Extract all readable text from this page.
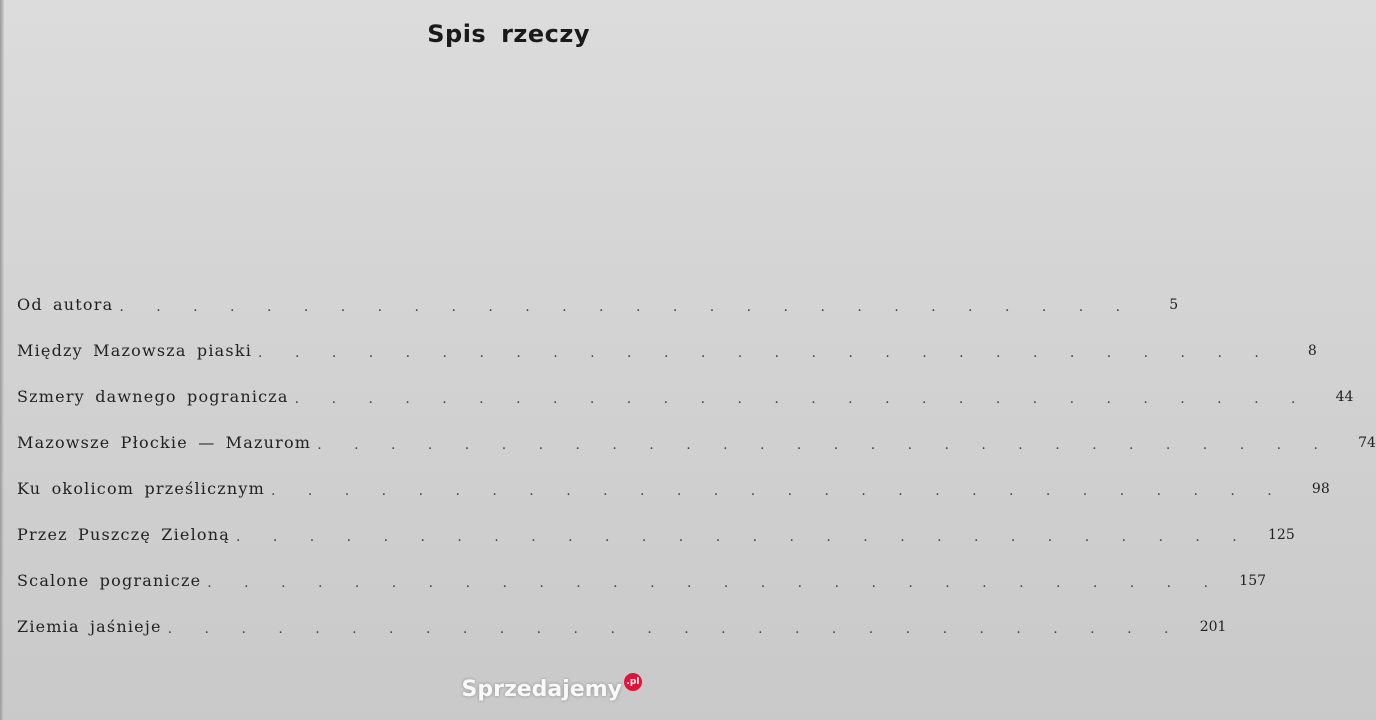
Spis rzeczy
Od autora . . . . . . . . . . . . . . . . . . . . . . . . . . . .	5
Między Mazowsza piaski . . . . . . . . . . . . . . . . . . . . . . . . . . . .	8
Szmery dawnego pogranicza . . . . . . . . . . . . . . . . . . . . . . . . . . . .	44
Mazowsze Płockie — Mazurom . . . . . . . . . . . . . . . . . . . . . . . . . . . .	74
Ku okolicom prześlicznym . . . . . . . . . . . . . . . . . . . . . . . . . . . .	98
Przez Puszczę Zieloną . . . . . . . . . . . . . . . . . . . . . . . . . . . .	125
Scalone pogranicze . . . . . . . . . . . . . . . . . . . . . . . . . . . .	157
Ziemia jaśnieje . . . . . . . . . . . . . . . . . . . . . . . . . . . .	201
Sprzedajemy .pl
